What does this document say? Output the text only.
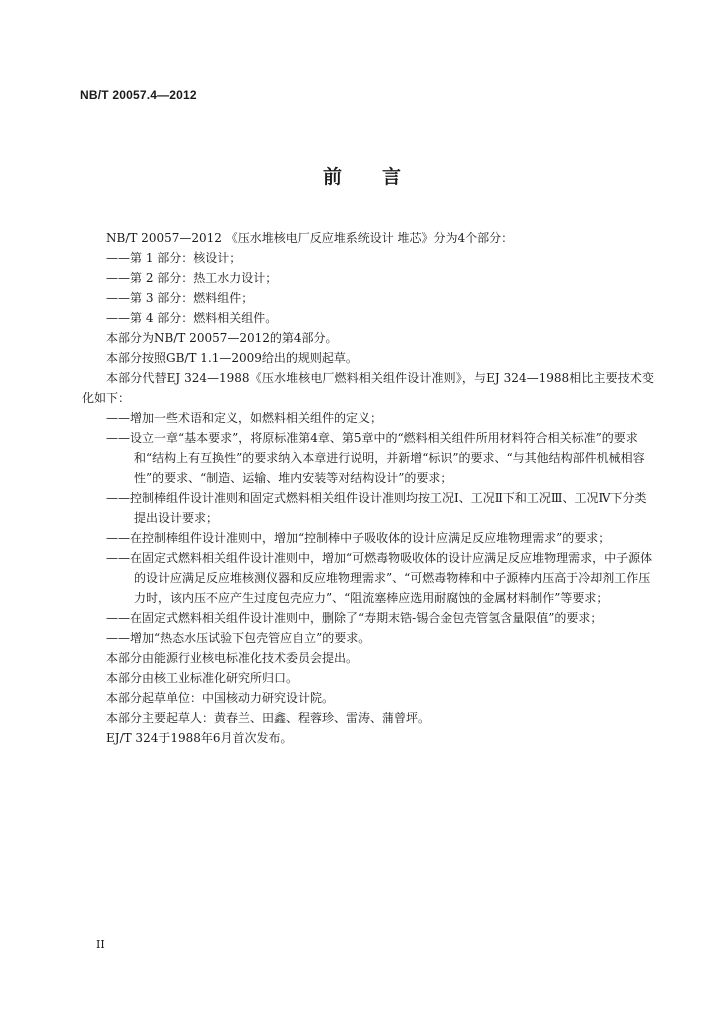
NB/T 20057.4—2012
前言
NB/T 20057—2012 《压水堆核电厂反应堆系统设计 堆芯》分为4个部分：
——第 1 部分：核设计；
——第 2 部分：热工水力设计；
——第 3 部分：燃料组件；
——第 4 部分：燃料相关组件。
本部分为NB/T 20057—2012的第4部分。
本部分按照GB/T 1.1—2009给出的规则起草。
本部分代替EJ 324—1988《压水堆核电厂燃料相关组件设计准则》，与EJ 324—1988相比主要技术变化如下：
——增加一些术语和定义，如燃料相关组件的定义；
——设立一章“基本要求”，将原标准第4章、第5章中的“燃料相关组件所用材料符合相关标准”的要求和“结构上有互换性”的要求纳入本章进行说明，并新增“标识”的要求、“与其他结构部件机械相容性”的要求、“制造、运输、堆内安装等对结构设计”的要求；
——控制棒组件设计准则和固定式燃料相关组件设计准则均按工况Ⅰ、工况Ⅱ下和工况Ⅲ、工况Ⅳ下分类提出设计要求；
——在控制棒组件设计准则中，增加“控制棒中子吸收体的设计应满足反应堆物理需求”的要求；
——在固定式燃料相关组件设计准则中，增加“可燃毒物吸收体的设计应满足反应堆物理需求，中子源体的设计应满足反应堆核测仪器和反应堆物理需求”、“可燃毒物棒和中子源棒内压高于冷却剂工作压力时，该内压不应产生过度包壳应力”、“阻流塞棒应选用耐腐蚀的金属材料制作”等要求；
——在固定式燃料相关组件设计准则中，删除了“寿期末锆-锡合金包壳管氢含量限值”的要求；
——增加“热态水压试验下包壳管应自立”的要求。
本部分由能源行业核电标准化技术委员会提出。
本部分由核工业标准化研究所归口。
本部分起草单位：中国核动力研究设计院。
本部分主要起草人：黄春兰、田鑫、程蓉珍、雷涛、蒲曾坪。
EJ/T 324于1988年6月首次发布。
II
